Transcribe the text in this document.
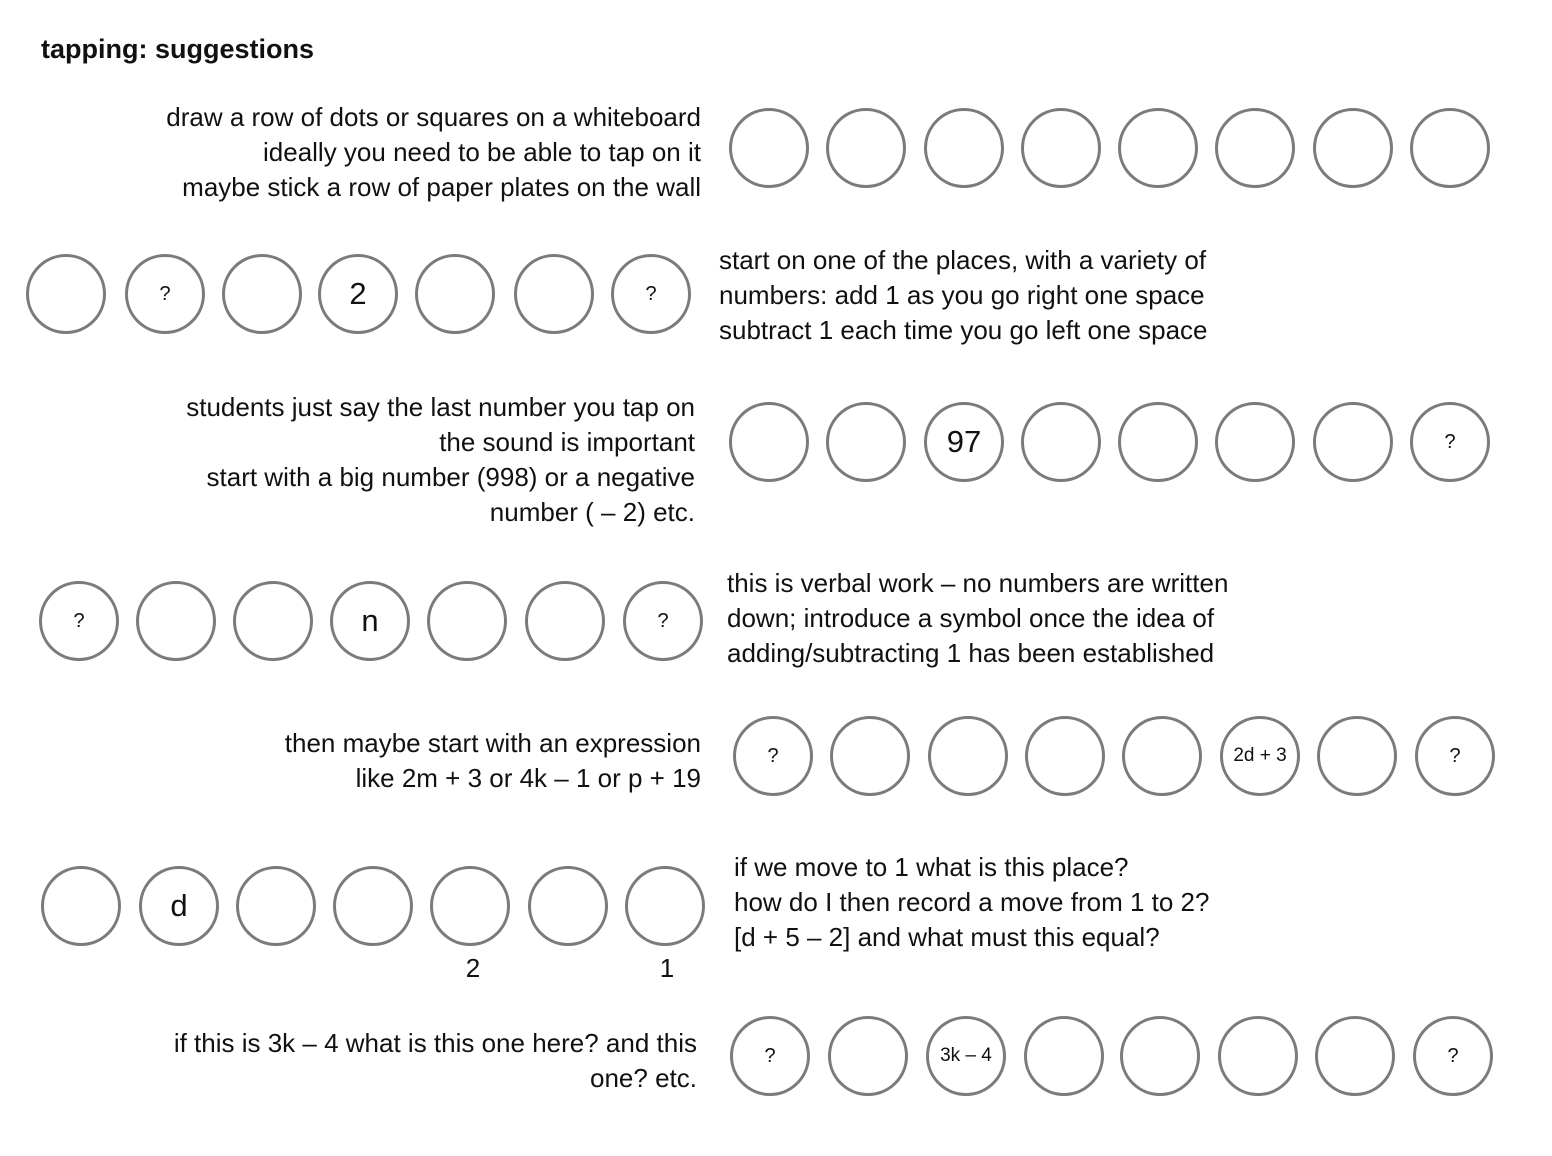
tapping: suggestions
draw a row of dots or squares on a whiteboard
ideally you need to be able to tap on it
maybe stick a row of paper plates on the wall
?	2	?
start on one of the places, with a variety of
numbers: add 1 as you go right one space
subtract 1 each time you go left one space
students just say the last number you tap on
the sound is important
start with a big number (998) or a negative
number ( – 2) etc.
97	?
?	n	?
this is verbal work – no numbers are written
down; introduce a symbol once the idea of
adding/subtracting 1 has been established
then maybe start with an expression
like 2m + 3 or 4k – 1 or p + 19
?	2d + 3	?
d
2	1
if we move to 1 what is this place?
how do I then record a move from 1 to 2?
[d + 5 – 2] and what must this equal?
if this is 3k – 4 what is this one here? and this
one? etc.
?	3k – 4	?
